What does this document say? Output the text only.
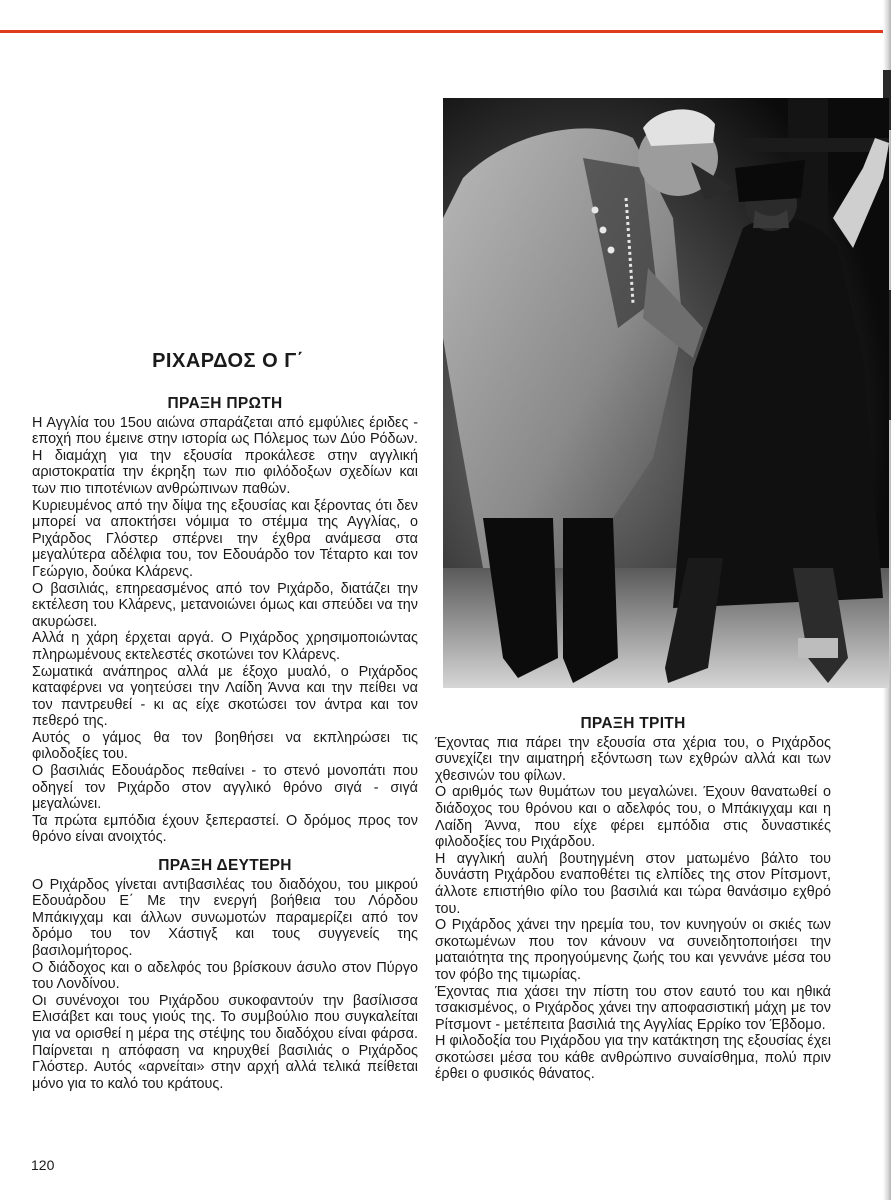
ΡΙΧΑΡΔΟΣ Ο Γ΄
ΠΡΑΞΗ ΠΡΩΤΗ

Η Αγγλία του 15ου αιώνα σπαράζεται από εμφύλιες έριδες - εποχή που έμεινε στην ιστορία ως Πόλεμος των Δύο Ρόδων. Η διαμάχη για την εξουσία προκάλεσε στην αγγλική αριστοκρατία την έκρηξη των πιο φιλόδοξων σχεδίων και των πιο τιποτένιων ανθρώπινων παθών.

Κυριευμένος από την δίψα της εξουσίας και ξέροντας ότι δεν μπορεί να αποκτήσει νόμιμα το στέμμα της Αγγλίας, ο Ριχάρδος Γλόστερ σπέρνει την έχθρα ανάμεσα στα μεγαλύτερα αδέλφια του, τον Εδουάρδο τον Τέταρτο και τον Γεώργιο, δούκα Κλάρενς.

Ο βασιλιάς, επηρεασμένος από τον Ριχάρδο, διατάζει την εκτέλεση του Κλάρενς, μετανοιώνει όμως και σπεύδει να την ακυρώσει.

Αλλά η χάρη έρχεται αργά. Ο Ριχάρδος χρησιμοποιώντας πληρωμένους εκτελεστές σκοτώνει τον Κλάρενς.

Σωματικά ανάπηρος αλλά με έξοχο μυαλό, ο Ριχάρδος καταφέρνει να γοητεύσει την Λαίδη Άννα και την πείθει να τον παντρευθεί - κι ας είχε σκοτώσει τον άντρα και τον πεθερό της.

Αυτός ο γάμος θα τον βοηθήσει να εκπληρώσει τις φιλοδοξίες του.

Ο βασιλιάς Εδουάρδος πεθαίνει - το στενό μονοπάτι που οδηγεί τον Ριχάρδο στον αγγλικό θρόνο σιγά - σιγά μεγαλώνει.

Τα πρώτα εμπόδια έχουν ξεπεραστεί. Ο δρόμος προς τον θρόνο είναι ανοιχτός.

ΠΡΑΞΗ ΔΕΥΤΕΡΗ

Ο Ριχάρδος γίνεται αντιβασιλέας του διαδόχου, του μικρού Εδουάρδου Ε΄ Με την ενεργή βοήθεια του Λόρδου Μπάκιγχαμ και άλλων συνωμοτών παραμερίζει από τον δρόμο του τον Χάστιγξ και τους συγγενείς της βασιλομήτορος.

Ο διάδοχος και ο αδελφός του βρίσκουν άσυλο στον Πύργο του Λονδίνου.

Οι συνένοχοι του Ριχάρδου συκοφαντούν την βασίλισσα Ελισάβετ και τους γιούς της. Το συμβούλιο που συγκαλείται για να ορισθεί η μέρα της στέψης του διαδόχου είναι φάρσα. Παίρνεται η απόφαση να κηρυχθεί βασιλιάς ο Ριχάρδος Γλόστερ. Αυτός «αρνείται» στην αρχή αλλά τελικά πείθεται μόνο για το καλό του κράτους.

ΠΡΑΞΗ ΤΡΙΤΗ

Έχοντας πια πάρει την εξουσία στα χέρια του, ο Ριχάρδος συνεχίζει την αιματηρή εξόντωση των εχθρών αλλά και των χθεσινών του φίλων.

Ο αριθμός των θυμάτων του μεγαλώνει. Έχουν θανατωθεί ο διάδοχος του θρόνου και ο αδελφός του, ο Μπάκιγχαμ και η Λαίδη Άννα, που είχε φέρει εμπόδια στις δυναστικές φιλοδοξίες του Ριχάρδου.

Η αγγλική αυλή βουτηγμένη στον ματωμένο βάλτο του δυνάστη Ριχάρδου εναποθέτει τις ελπίδες της στον Ρίτσμοντ, άλλοτε επιστήθιο φίλο του βασιλιά και τώρα θανάσιμο εχθρό του.

Ο Ριχάρδος χάνει την ηρεμία του, τον κυνηγούν οι σκιές των σκοτωμένων που τον κάνουν να συνειδητοποιήσει την ματαιότητα της προηγούμενης ζωής του και γεννάνε μέσα του τον φόβο της τιμωρίας.

Έχοντας πια χάσει την πίστη του στον εαυτό του και ηθικά τσακισμένος, ο Ριχάρδος χάνει την αποφασιστική μάχη με τον Ρίτσμοντ - μετέπειτα βασιλιά της Αγγλίας Ερρίκο τον Έβδομο.

Η φιλοδοξία του Ριχάρδου για την κατάκτηση της εξουσίας έχει σκοτώσει μέσα του κάθε ανθρώπινο συναίσθημα, πολύ πριν έρθει ο φυσικός θάνατος.

120
